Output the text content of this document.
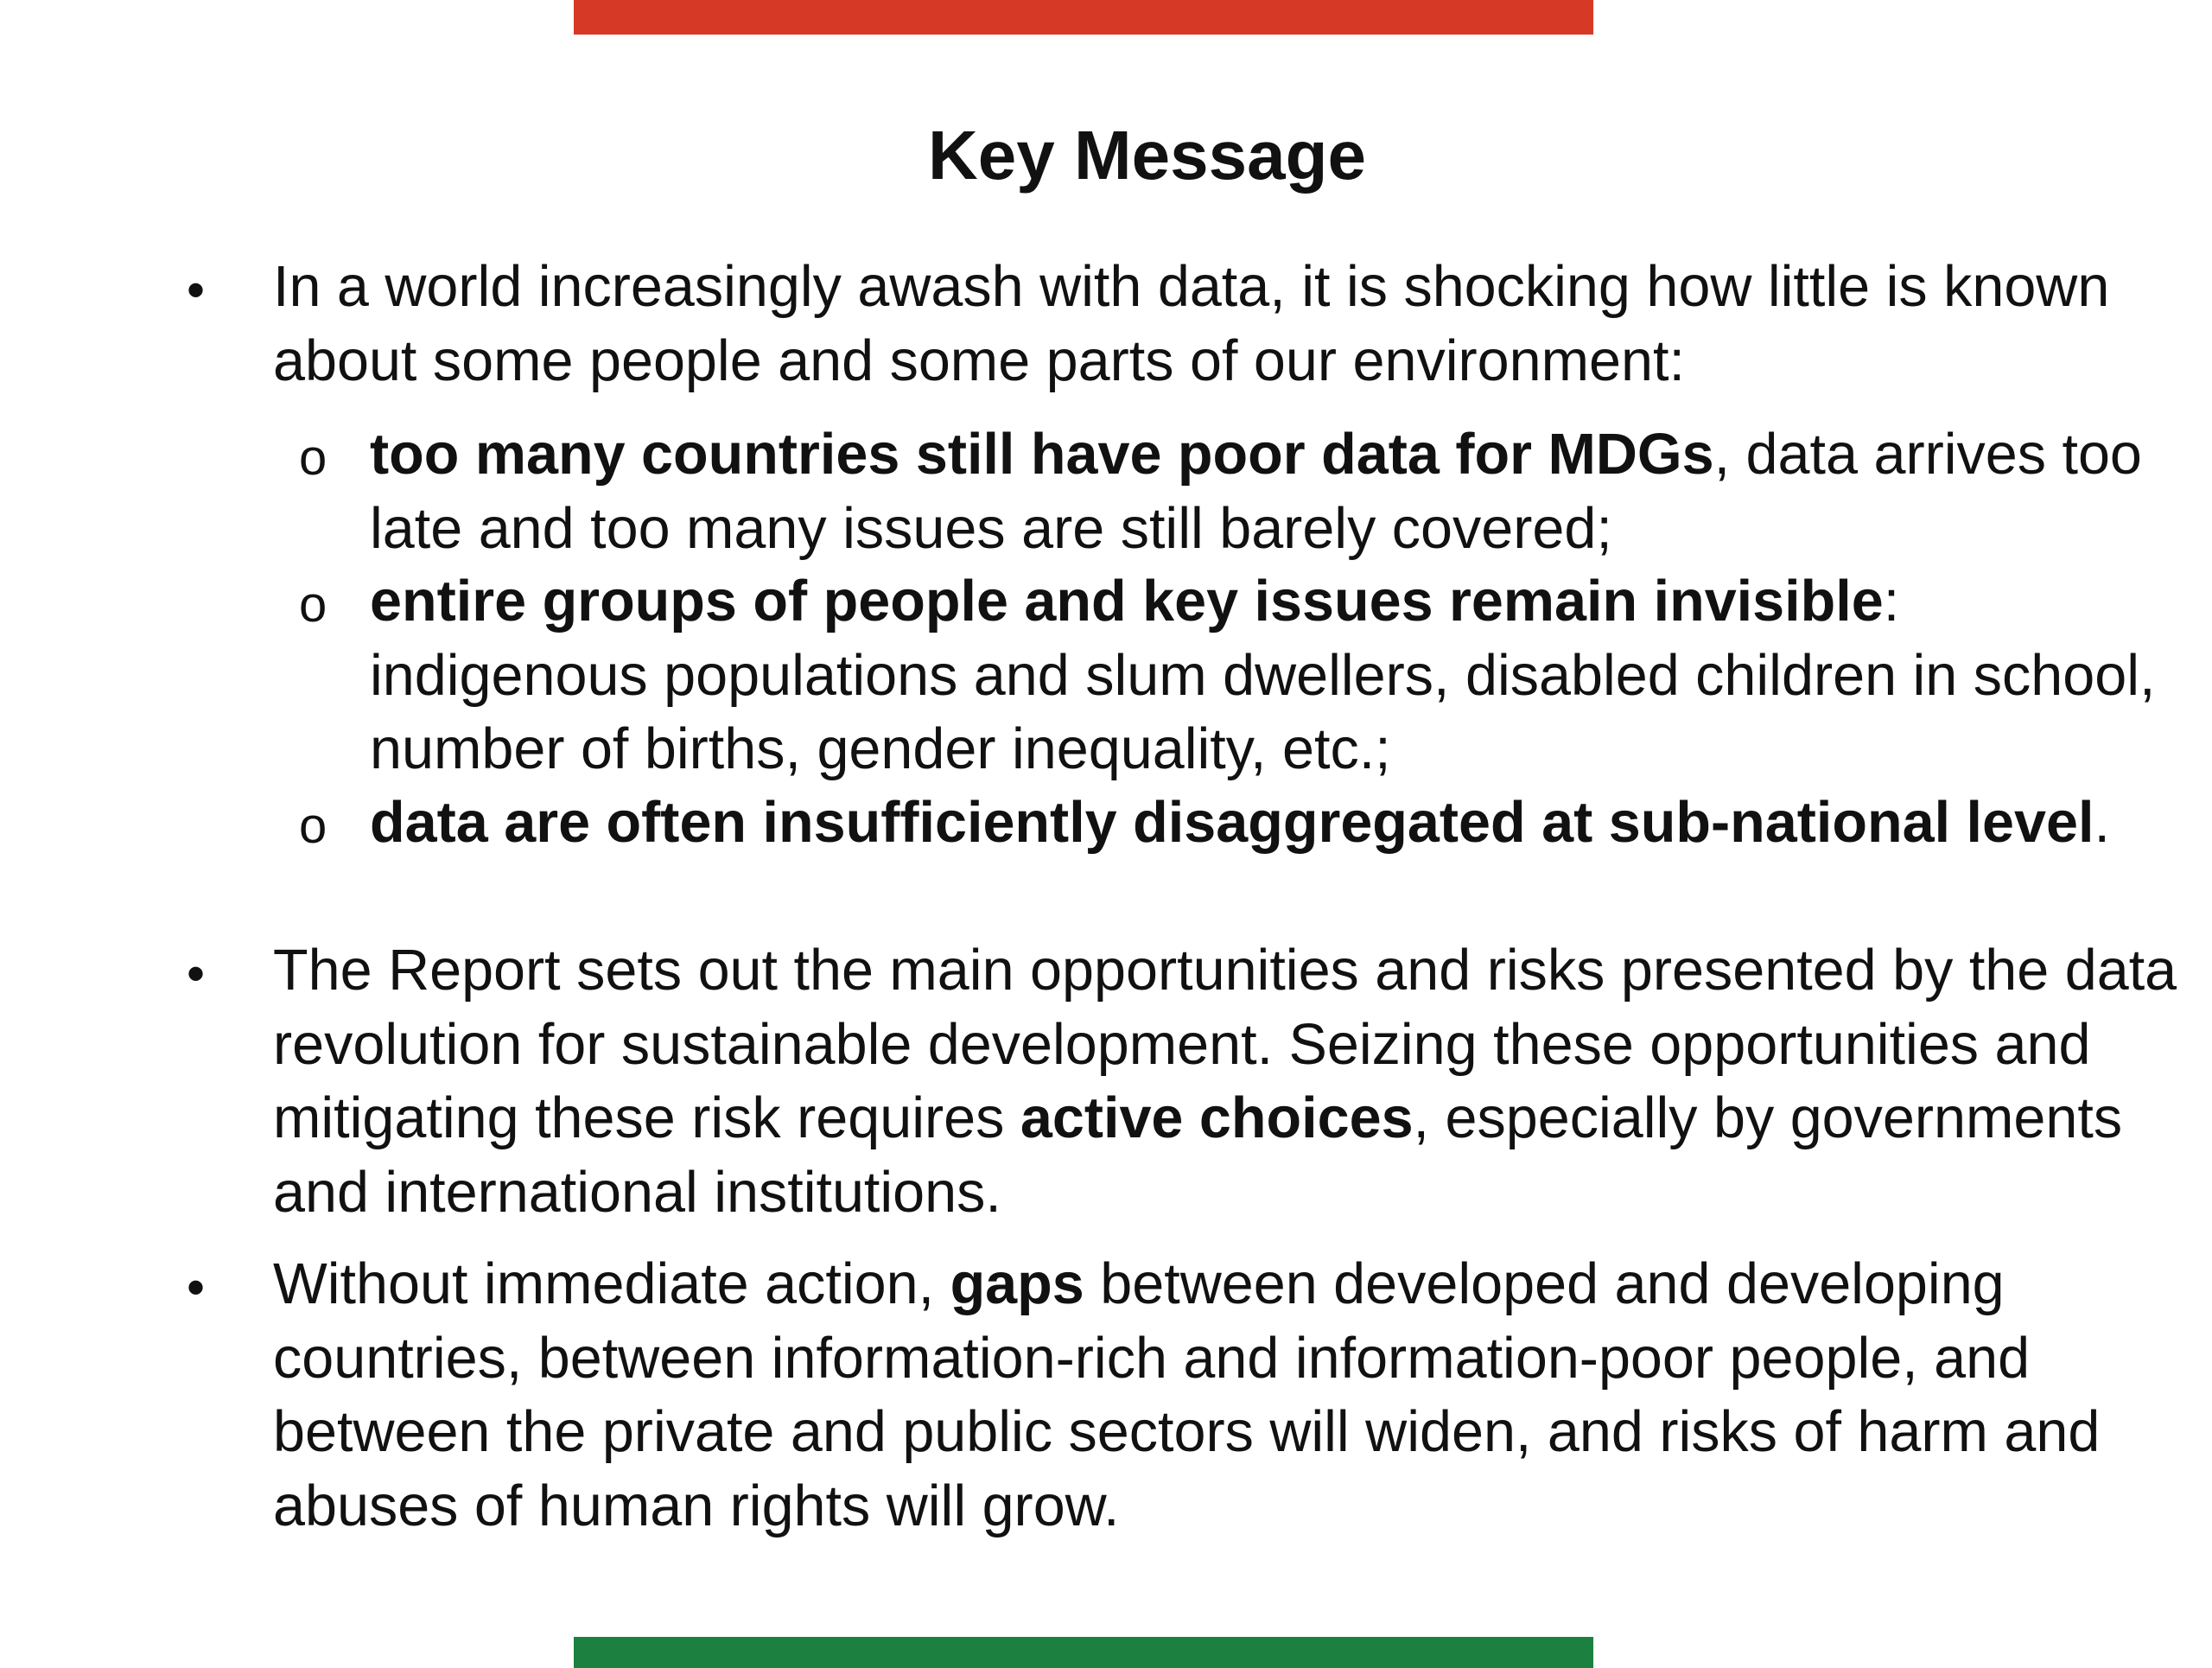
Key Message
• In a world increasingly awash with data, it is shocking how little is known about some people and some parts of our environment:

o too many countries still have poor data for MDGs, data arrives too late and too many issues are still barely covered;

o entire groups of people and key issues remain invisible: indigenous populations and slum dwellers, disabled children in school, number of births, gender inequality, etc.;

o data are often insufficiently disaggregated at sub-national level.

• The Report sets out the main opportunities and risks presented by the data revolution for sustainable development. Seizing these opportunities and mitigating these risk requires active choices, especially by governments and international institutions.

• Without immediate action, gaps between developed and developing countries, between information-rich and information-poor people, and between the private and public sectors will widen, and risks of harm and abuses of human rights will grow.
